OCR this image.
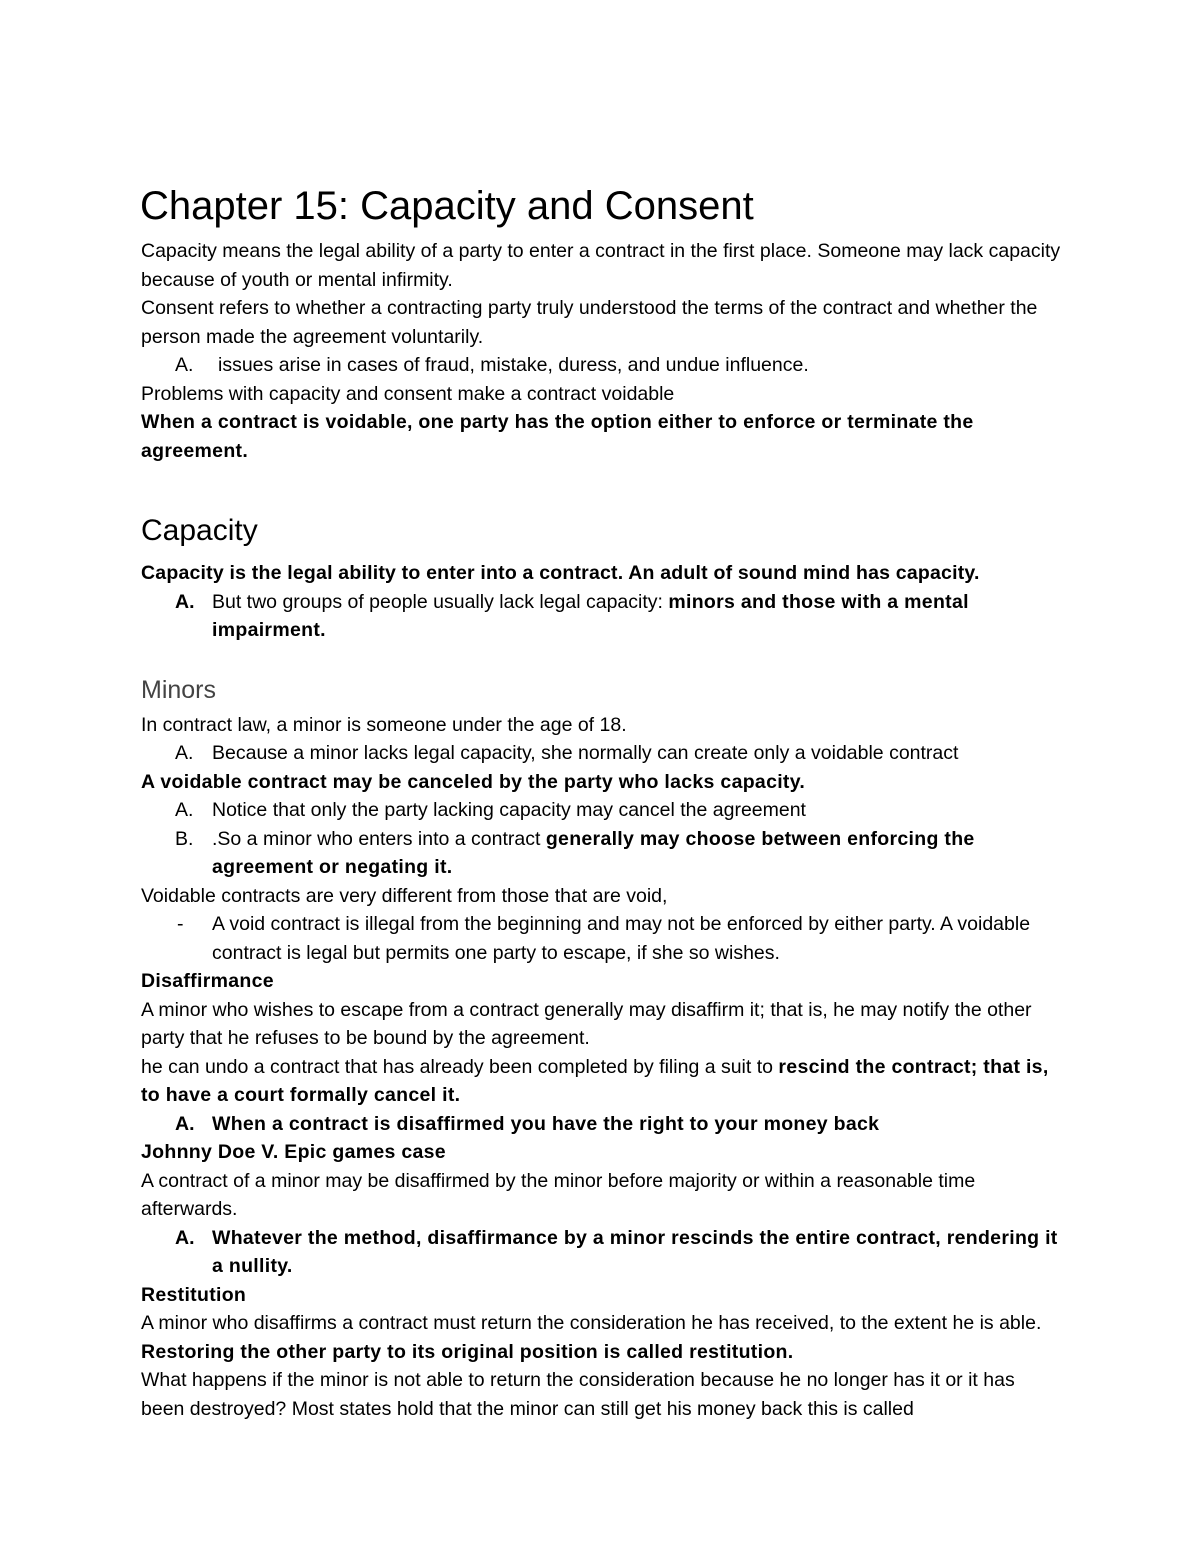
Chapter 15: Capacity and Consent

Capacity means the legal ability of a party to enter a contract in the first place. Someone may lack capacity because of youth or mental infirmity.

Consent refers to whether a contracting party truly understood the terms of the contract and whether the person made the agreement voluntarily.

A. issues arise in cases of fraud, mistake, duress, and undue influence.

Problems with capacity and consent make a contract voidable

When a contract is voidable, one party has the option either to enforce or terminate the agreement.

Capacity

Capacity is the legal ability to enter into a contract. An adult of sound mind has capacity.

A. But two groups of people usually lack legal capacity: minors and those with a mental impairment.
Minors

In contract law, a minor is someone under the age of 18.

A. Because a minor lacks legal capacity, she normally can create only a voidable contract

A voidable contract may be canceled by the party who lacks capacity.

A. Notice that only the party lacking capacity may cancel the agreement
B. .So a minor who enters into a contract generally may choose between enforcing the agreement or negating it.

Voidable contracts are very different from those that are void,

- A void contract is illegal from the beginning and may not be enforced by either party. A voidable contract is legal but permits one party to escape, if she so wishes.

Disaffirmance

A minor who wishes to escape from a contract generally may disaffirm it; that is, he may notify the other party that he refuses to be bound by the agreement.

he can undo a contract that has already been completed by filing a suit to rescind the contract; that is, to have a court formally cancel it.

A. When a contract is disaffirmed you have the right to your money back

Johnny Doe V. Epic games case

A contract of a minor may be disaffirmed by the minor before majority or within a reasonable time afterwards.

A. Whatever the method, disaffirmance by a minor rescinds the entire contract, rendering it a nullity.

Restitution

A minor who disaffirms a contract must return the consideration he has received, to the extent he is able. Restoring the other party to its original position is called restitution.

What happens if the minor is not able to return the consideration because he no longer has it or it has been destroyed? Most states hold that the minor can still get his money back this is called
